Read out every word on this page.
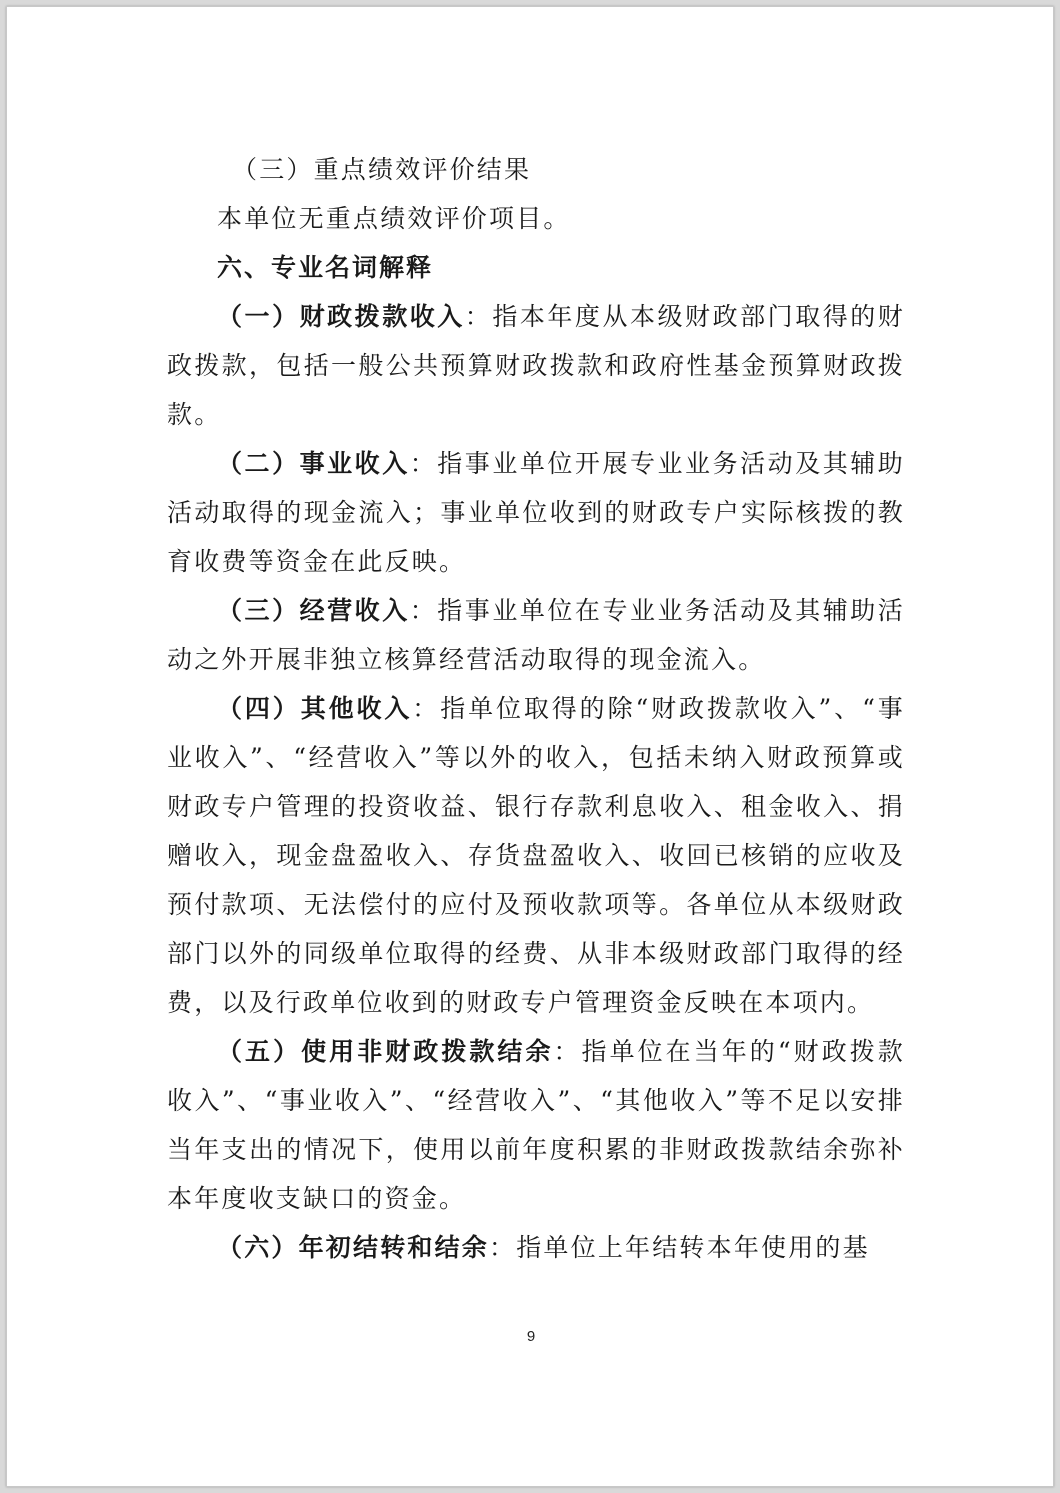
（三）重点绩效评价结果

本单位无重点绩效评价项目。

六、专业名词解释

（一）财政拨款收入：指本年度从本级财政部门取得的财政拨款，包括一般公共预算财政拨款和政府性基金预算财政拨款。

（二）事业收入：指事业单位开展专业业务活动及其辅助活动取得的现金流入；事业单位收到的财政专户实际核拨的教育收费等资金在此反映。

（三）经营收入：指事业单位在专业业务活动及其辅助活动之外开展非独立核算经营活动取得的现金流入。

（四）其他收入：指单位取得的除“财政拨款收入”、“事业收入”、“经营收入”等以外的收入，包括未纳入财政预算或财政专户管理的投资收益、银行存款利息收入、租金收入、捐赠收入，现金盘盈收入、存货盘盈收入、收回已核销的应收及预付款项、无法偿付的应付及预收款项等。各单位从本级财政部门以外的同级单位取得的经费、从非本级财政部门取得的经费，以及行政单位收到的财政专户管理资金反映在本项内。

（五）使用非财政拨款结余：指单位在当年的“财政拨款收入”、“事业收入”、“经营收入”、“其他收入”等不足以安排当年支出的情况下，使用以前年度积累的非财政拨款结余弥补本年度收支缺口的资金。

（六）年初结转和结余：指单位上年结转本年使用的基

9
